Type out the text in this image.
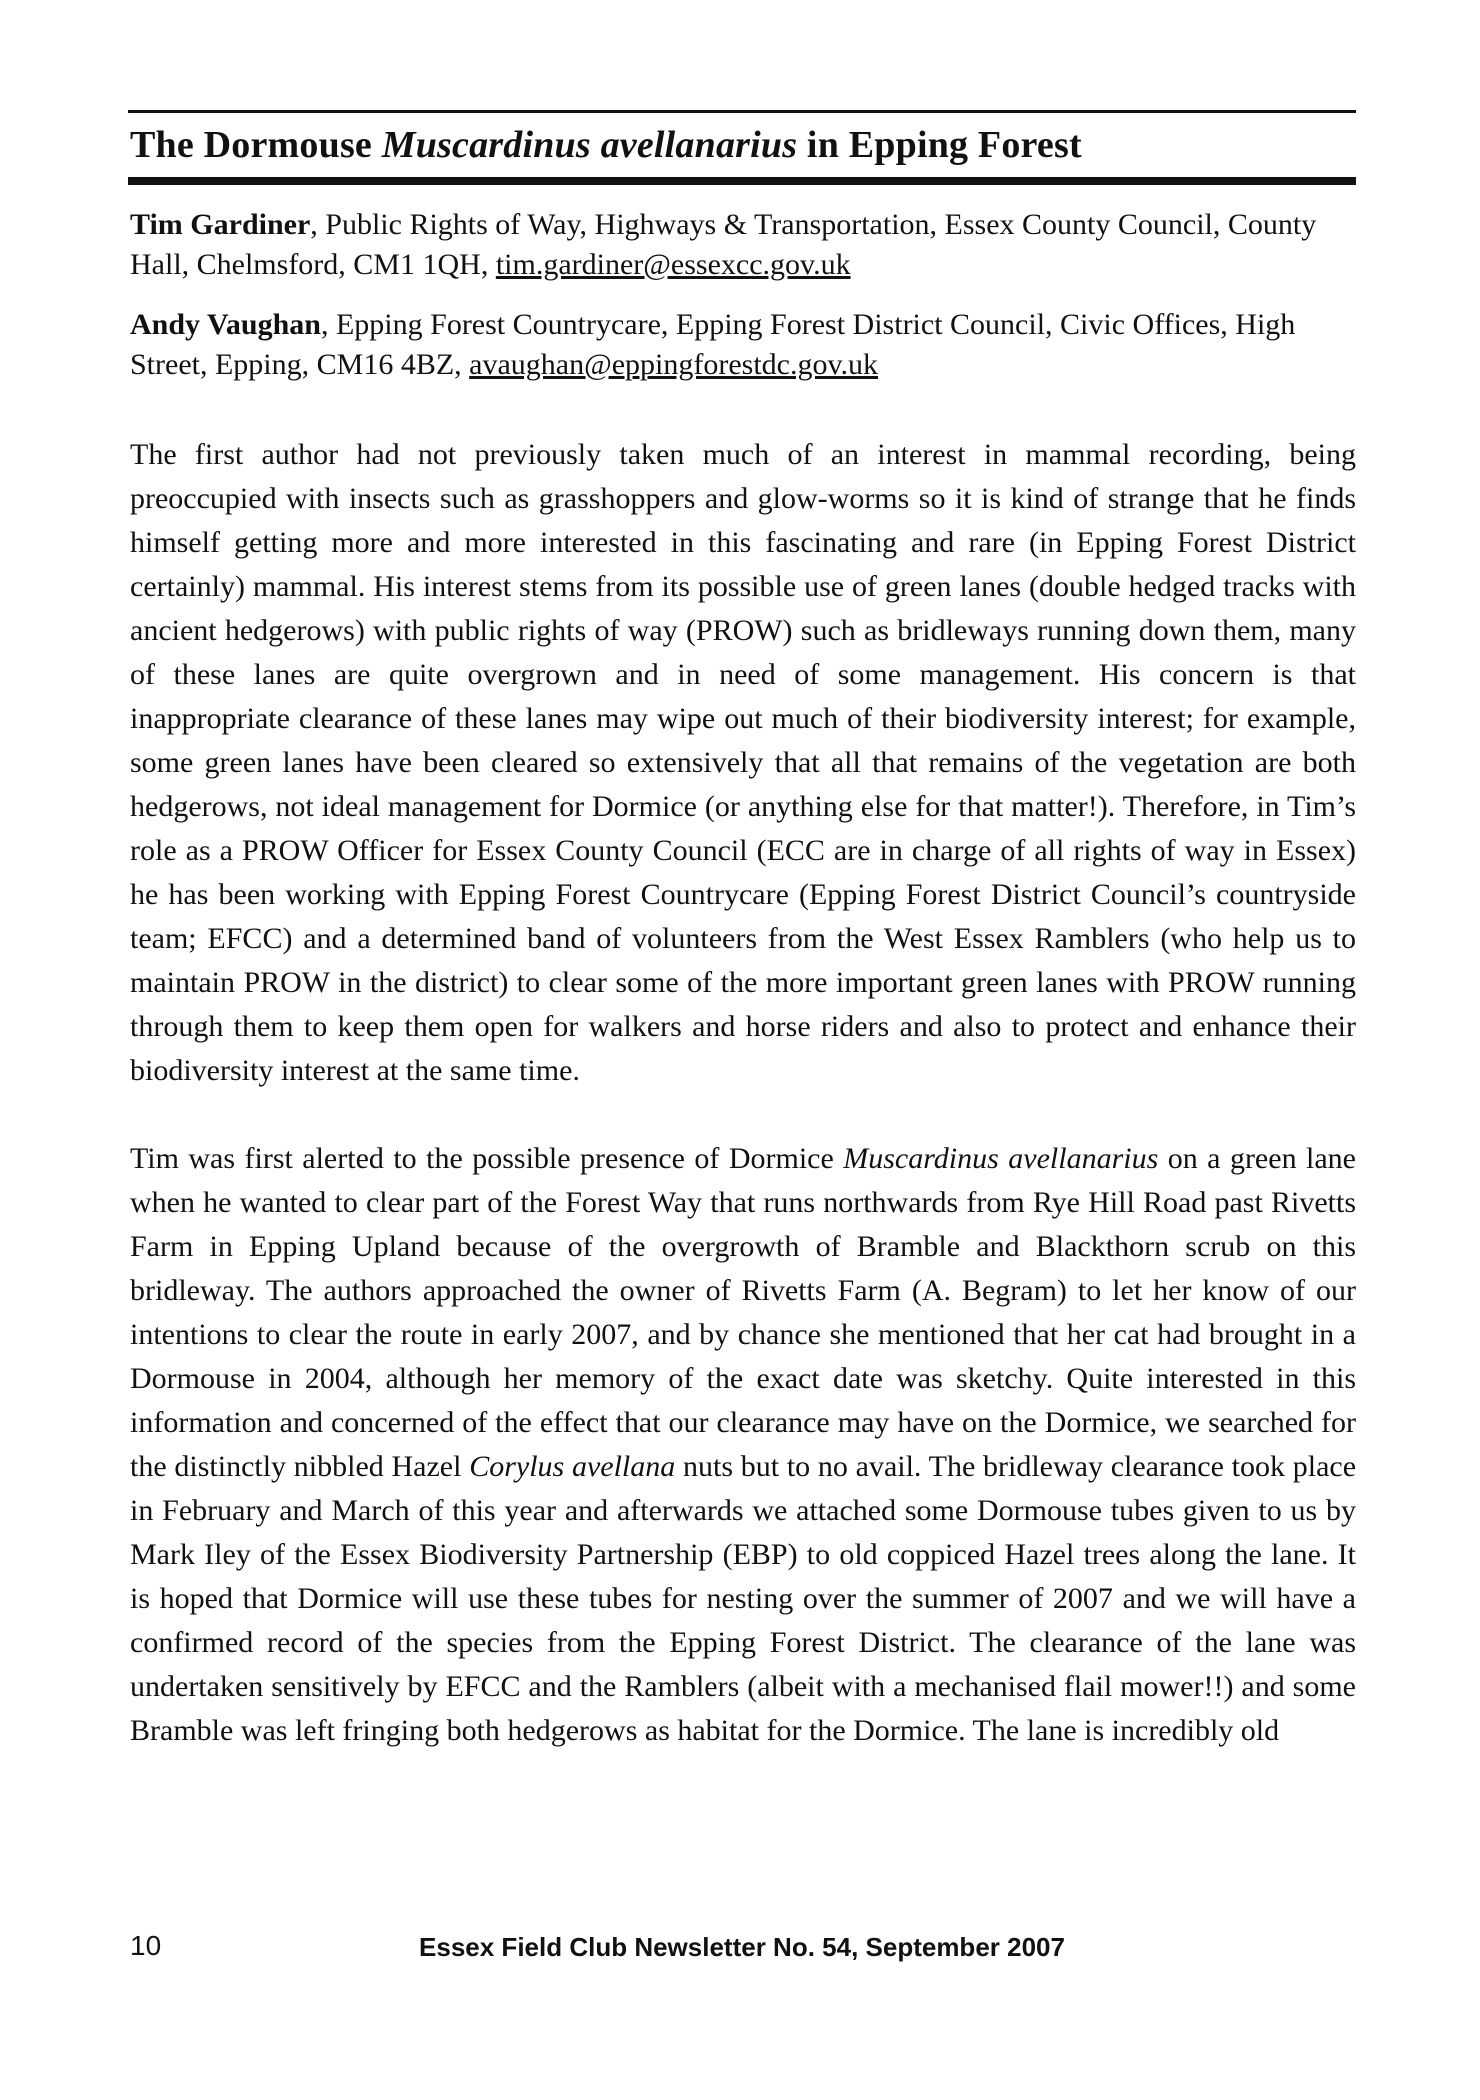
The Dormouse Muscardinus avellanarius in Epping Forest

Tim Gardiner, Public Rights of Way, Highways & Transportation, Essex County Council, County Hall, Chelmsford, CM1 1QH, tim.gardiner@essexcc.gov.uk

Andy Vaughan, Epping Forest Countrycare, Epping Forest District Council, Civic Offices, High Street, Epping, CM16 4BZ, avaughan@eppingforestdc.gov.uk

The first author had not previously taken much of an interest in mammal recording, being preoccupied with insects such as grasshoppers and glow-worms so it is kind of strange that he finds himself getting more and more interested in this fascinating and rare (in Epping Forest District certainly) mammal. His interest stems from its possible use of green lanes (double hedged tracks with ancient hedgerows) with public rights of way (PROW) such as bridleways running down them, many of these lanes are quite overgrown and in need of some management. His concern is that inappropriate clearance of these lanes may wipe out much of their biodiversity interest; for example, some green lanes have been cleared so extensively that all that remains of the vegetation are both hedgerows, not ideal management for Dormice (or anything else for that matter!). Therefore, in Tim’s role as a PROW Officer for Essex County Council (ECC are in charge of all rights of way in Essex) he has been working with Epping Forest Countrycare (Epping Forest District Council’s countryside team; EFCC) and a determined band of volunteers from the West Essex Ramblers (who help us to maintain PROW in the district) to clear some of the more important green lanes with PROW running through them to keep them open for walkers and horse riders and also to protect and enhance their biodiversity interest at the same time.

Tim was first alerted to the possible presence of Dormice Muscardinus avellanarius on a green lane when he wanted to clear part of the Forest Way that runs northwards from Rye Hill Road past Rivetts Farm in Epping Upland because of the overgrowth of Bramble and Blackthorn scrub on this bridleway. The authors approached the owner of Rivetts Farm (A. Begram) to let her know of our intentions to clear the route in early 2007, and by chance she mentioned that her cat had brought in a Dormouse in 2004, although her memory of the exact date was sketchy. Quite interested in this information and concerned of the effect that our clearance may have on the Dormice, we searched for the distinctly nibbled Hazel Corylus avellana nuts but to no avail. The bridleway clearance took place in February and March of this year and afterwards we attached some Dormouse tubes given to us by Mark Iley of the Essex Biodiversity Partnership (EBP) to old coppiced Hazel trees along the lane. It is hoped that Dormice will use these tubes for nesting over the summer of 2007 and we will have a confirmed record of the species from the Epping Forest District. The clearance of the lane was undertaken sensitively by EFCC and the Ramblers (albeit with a mechanised flail mower!!) and some Bramble was left fringing both hedgerows as habitat for the Dormice. The lane is incredibly old

10	Essex Field Club Newsletter No. 54, September 2007
